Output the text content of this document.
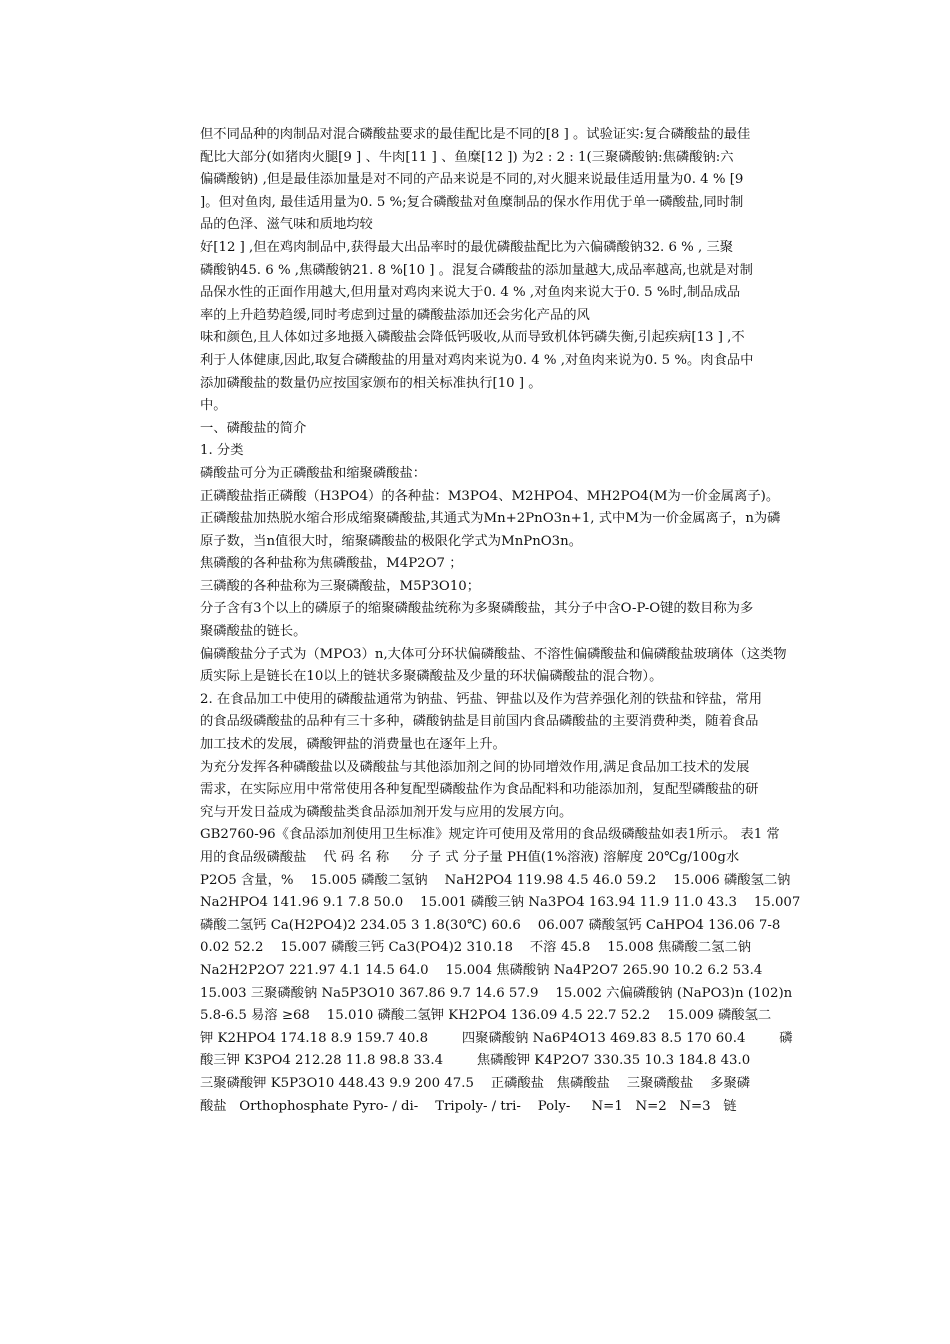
但不同品种的肉制品对混合磷酸盐要求的最佳配比是不同的[8 ] 。试验证实:复合磷酸盐的最佳
配比大部分(如猪肉火腿[9 ] 、牛肉[11 ] 、鱼糜[12 ]) 为2 : 2 : 1(三聚磷酸钠:焦磷酸钠:六
偏磷酸钠) ,但是最佳添加量是对不同的产品来说是不同的,对火腿来说最佳适用量为0. 4 % [9
]。但对鱼肉, 最佳适用量为0. 5 %;复合磷酸盐对鱼糜制品的保水作用优于单一磷酸盐,同时制
品的色泽、滋气味和质地均较
好[12 ] ,但在鸡肉制品中,获得最大出品率时的最优磷酸盐配比为六偏磷酸钠32. 6 % , 三聚
磷酸钠45. 6 % ,焦磷酸钠21. 8 %[10 ] 。混复合磷酸盐的添加量越大,成品率越高,也就是对制
品保水性的正面作用越大,但用量对鸡肉来说大于0. 4 % ,对鱼肉来说大于0. 5 %时,制品成品
率的上升趋势趋缓,同时考虑到过量的磷酸盐添加还会劣化产品的风
味和颜色,且人体如过多地摄入磷酸盐会降低钙吸收,从而导致机体钙磷失衡,引起疾病[13 ] ,不
利于人体健康,因此,取复合磷酸盐的用量对鸡肉来说为0. 4 % ,对鱼肉来说为0. 5 %。肉食品中
添加磷酸盐的数量仍应按国家颁布的相关标准执行[10 ] 。
中。
一、磷酸盐的简介
1. 分类
磷酸盐可分为正磷酸盐和缩聚磷酸盐：
正磷酸盐指正磷酸（H3PO4）的各种盐：M3PO4、M2HPO4、MH2PO4(M为一价金属离子)。
正磷酸盐加热脱水缩合形成缩聚磷酸盐,其通式为Mn+2PnO3n+1, 式中M为一价金属离子，n为磷
原子数，当n值很大时，缩聚磷酸盐的极限化学式为MnPnO3n。
焦磷酸的各种盐称为焦磷酸盐，M4P2O7 ；
三磷酸的各种盐称为三聚磷酸盐，M5P3O10；
分子含有3个以上的磷原子的缩聚磷酸盐统称为多聚磷酸盐，其分子中含O-P-O键的数目称为多
聚磷酸盐的链长。
偏磷酸盐分子式为（MPO3）n,大体可分环状偏磷酸盐、不溶性偏磷酸盐和偏磷酸盐玻璃体（这类物
质实际上是链长在10以上的链状多聚磷酸盐及少量的环状偏磷酸盐的混合物）。
2. 在食品加工中使用的磷酸盐通常为钠盐、钙盐、钾盐以及作为营养强化剂的铁盐和锌盐，常用
的食品级磷酸盐的品种有三十多种，磷酸钠盐是目前国内食品磷酸盐的主要消费种类，随着食品
加工技术的发展，磷酸钾盐的消费量也在逐年上升。
为充分发挥各种磷酸盐以及磷酸盐与其他添加剂之间的协同增效作用,满足食品加工技术的发展
需求，在实际应用中常常使用各种复配型磷酸盐作为食品配料和功能添加剂，复配型磷酸盐的研
究与开发日益成为磷酸盐类食品添加剂开发与应用的发展方向。
GB2760-96《食品添加剂使用卫生标准》规定许可使用及常用的食品级磷酸盐如表1所示。 表1 常
用的食品级磷酸盐    代 码 名 称     分 子 式 分子量 PH值(1%溶液) 溶解度 20℃g/100g水
P2O5 含量，%    15.005 磷酸二氢钠    NaH2PO4 119.98 4.5 46.0 59.2    15.006 磷酸氢二钠
Na2HPO4 141.96 9.1 7.8 50.0    15.001 磷酸三钠 Na3PO4 163.94 11.9 11.0 43.3    15.007
磷酸二氢钙 Ca(H2PO4)2 234.05 3 1.8(30℃) 60.6    06.007 磷酸氢钙 CaHPO4 136.06 7-8
0.02 52.2    15.007 磷酸三钙 Ca3(PO4)2 310.18    不溶 45.8    15.008 焦磷酸二氢二钠
Na2H2P2O7 221.97 4.1 14.5 64.0    15.004 焦磷酸钠 Na4P2O7 265.90 10.2 6.2 53.4
15.003 三聚磷酸钠 Na5P3O10 367.86 9.7 14.6 57.9    15.002 六偏磷酸钠 (NaPO3)n (102)n
5.8-6.5 易溶 ≥68    15.010 磷酸二氢钾 KH2PO4 136.09 4.5 22.7 52.2    15.009 磷酸氢二
钾 K2HPO4 174.18 8.9 159.7 40.8        四聚磷酸钠 Na6P4O13 469.83 8.5 170 60.4        磷
酸三钾 K3PO4 212.28 11.8 98.8 33.4        焦磷酸钾 K4P2O7 330.35 10.3 184.8 43.0
三聚磷酸钾 K5P3O10 448.43 9.9 200 47.5    正磷酸盐   焦磷酸盐    三聚磷酸盐    多聚磷
酸盐   Orthophosphate Pyro- / di-    Tripoly- / tri-    Poly-     N=1   N=2   N=3   链
